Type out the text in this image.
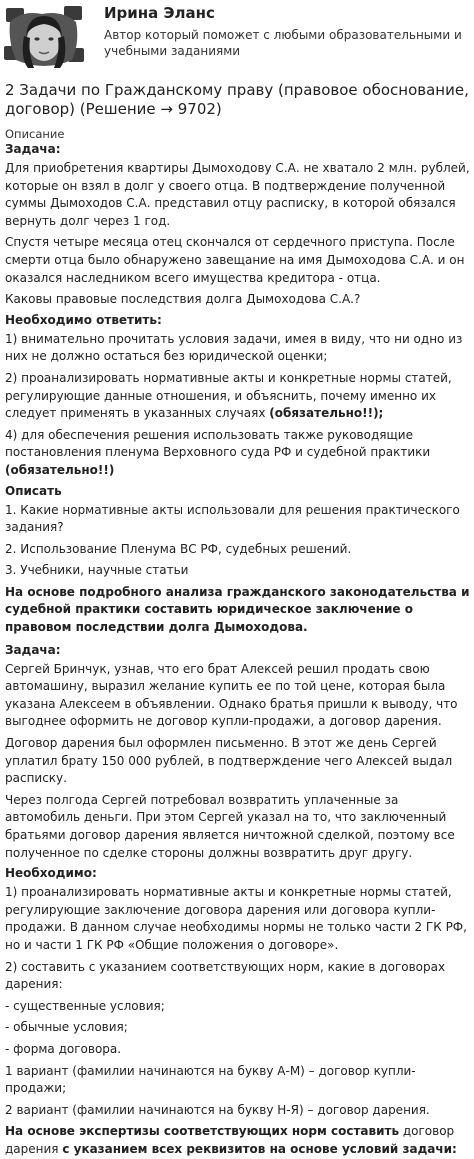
Ирина Эланс
Автор который поможет с любыми образовательными и учебными заданиями
2 Задачи по Гражданскому праву (правовое обоснование, договор) (Решение → 9702)
Описание
Задача:
Для приобретения квартиры Дымоходову С.А. не хватало 2 млн. рублей, которые он взял в долг у своего отца. В подтверждение полученной суммы Дымоходов С.А. представил отцу расписку, в которой обязался вернуть долг через 1 год.
Спустя четыре месяца отец скончался от сердечного приступа. После смерти отца было обнаружено завещание на имя Дымоходова С.А. и он оказался наследником всего имущества кредитора - отца.
Каковы правовые последствия долга Дымоходова С.А.?
Необходимо ответить:
1) внимательно прочитать условия задачи, имея в виду, что ни одно из них не должно остаться без юридической оценки;
2) проанализировать нормативные акты и конкретные нормы статей, регулирующие данные отношения, и объяснить, почему именно их следует применять в указанных случаях (обязательно!!);
4) для обеспечения решения использовать также руководящие постановления пленума Верховного суда РФ и судебной практики (обязательно!!)
Описать
1. Какие нормативные акты использовали для решения практического задания?
2. Использование Пленума ВС РФ, судебных решений.
3. Учебники, научные статьи
На основе подробного анализа гражданского законодательства и судебной практики составить юридическое заключение о правовом последствии долга Дымоходова.
Задача:
Сергей Бринчук, узнав, что его брат Алексей решил продать свою автомашину, выразил желание купить ее по той цене, которая была указана Алексеем в объявлении. Однако братья пришли к выводу, что выгоднее оформить не договор купли-продажи, а договор дарения.
Договор дарения был оформлен письменно. В этот же день Сергей уплатил брату 150 000 рублей, в подтверждение чего Алексей выдал расписку.
Через полгода Сергей потребовал возвратить уплаченные за автомобиль деньги. При этом Сергей указал на то, что заключенный братьями договор дарения является ничтожной сделкой, поэтому все полученное по сделке стороны должны возвратить друг другу.
Необходимо:
1) проанализировать нормативные акты и конкретные нормы статей, регулирующие заключение договора дарения или договора купли-продажи. В данном случае необходимы нормы не только части 2 ГК РФ, но и части 1 ГК РФ «Общие положения о договоре».
2) составить с указанием соответствующих норм, какие в договорах дарения:
- существенные условия;
- обычные условия;
- форма договора.
1 вариант (фамилии начинаются на букву А-М) – договор купли-продажи;
2 вариант (фамилии начинаются на букву Н-Я) – договор дарения.
На основе экспертизы соответствующих норм составить договор дарения с указанием всех реквизитов на основе условий задачи:
